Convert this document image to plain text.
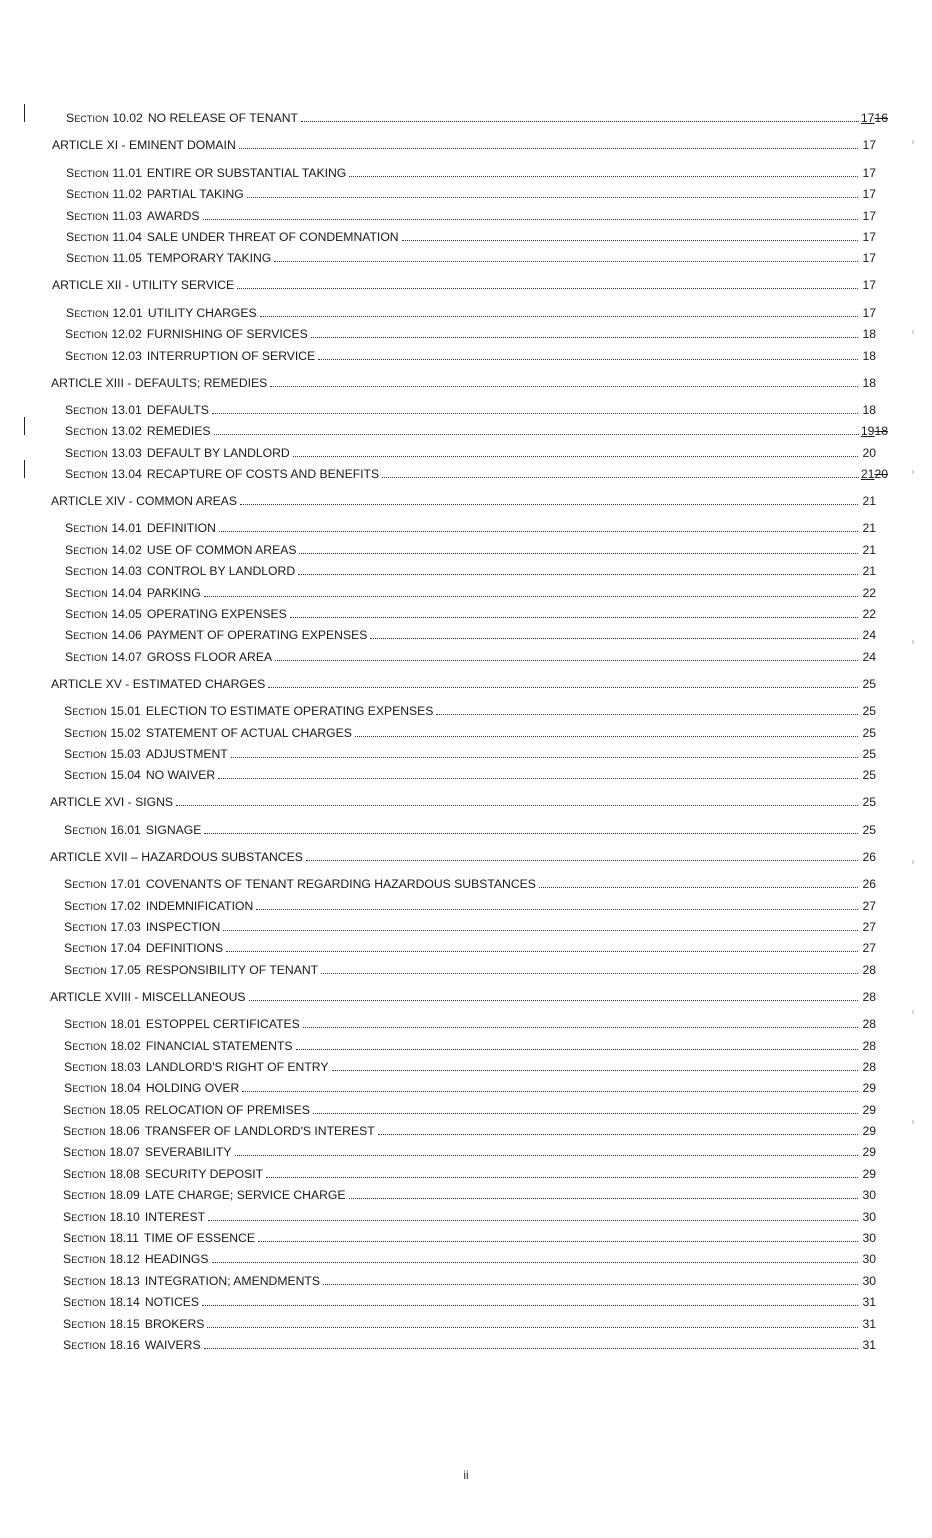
Section 10.02 NO RELEASE OF TENANT	1716
ARTICLE XI - EMINENT DOMAIN	17
Section 11.01 ENTIRE OR SUBSTANTIAL TAKING	17
Section 11.02 PARTIAL TAKING	17
Section 11.03 AWARDS	17
Section 11.04 SALE UNDER THREAT OF CONDEMNATION	17
Section 11.05 TEMPORARY TAKING	17
ARTICLE XII - UTILITY SERVICE	17
Section 12.01 UTILITY CHARGES	17
Section 12.02 FURNISHING OF SERVICES	18
Section 12.03 INTERRUPTION OF SERVICE	18
ARTICLE XIII - DEFAULTS; REMEDIES	18
Section 13.01 DEFAULTS	18
Section 13.02 REMEDIES	1918
Section 13.03 DEFAULT BY LANDLORD	20
Section 13.04 RECAPTURE OF COSTS AND BENEFITS	2120
ARTICLE XIV - COMMON AREAS	21
Section 14.01 DEFINITION	21
Section 14.02 USE OF COMMON AREAS	21
Section 14.03 CONTROL BY LANDLORD	21
Section 14.04 PARKING	22
Section 14.05 OPERATING EXPENSES	22
Section 14.06 PAYMENT OF OPERATING EXPENSES	24
Section 14.07 GROSS FLOOR AREA	24
ARTICLE XV - ESTIMATED CHARGES	25
Section 15.01 ELECTION TO ESTIMATE OPERATING EXPENSES	25
Section 15.02 STATEMENT OF ACTUAL CHARGES	25
Section 15.03 ADJUSTMENT	25
Section 15.04 NO WAIVER	25
ARTICLE XVI - SIGNS	25
Section 16.01 SIGNAGE	25
ARTICLE XVII – HAZARDOUS SUBSTANCES	26
Section 17.01 COVENANTS OF TENANT REGARDING HAZARDOUS SUBSTANCES	26
Section 17.02 INDEMNIFICATION	27
Section 17.03 INSPECTION	27
Section 17.04 DEFINITIONS	27
Section 17.05 RESPONSIBILITY OF TENANT	28
ARTICLE XVIII - MISCELLANEOUS	28
Section 18.01 ESTOPPEL CERTIFICATES	28
Section 18.02 FINANCIAL STATEMENTS	28
Section 18.03 LANDLORD'S RIGHT OF ENTRY	28
Section 18.04 HOLDING OVER	29
Section 18.05 RELOCATION OF PREMISES	29
Section 18.06 TRANSFER OF LANDLORD'S INTEREST	29
Section 18.07 SEVERABILITY	29
Section 18.08 SECURITY DEPOSIT	29
Section 18.09 LATE CHARGE; SERVICE CHARGE	30
Section 18.10 INTEREST	30
Section 18.11 TIME OF ESSENCE	30
Section 18.12 HEADINGS	30
Section 18.13 INTEGRATION; AMENDMENTS	30
Section 18.14 NOTICES	31
Section 18.15 BROKERS	31
Section 18.16 WAIVERS	31
ii
